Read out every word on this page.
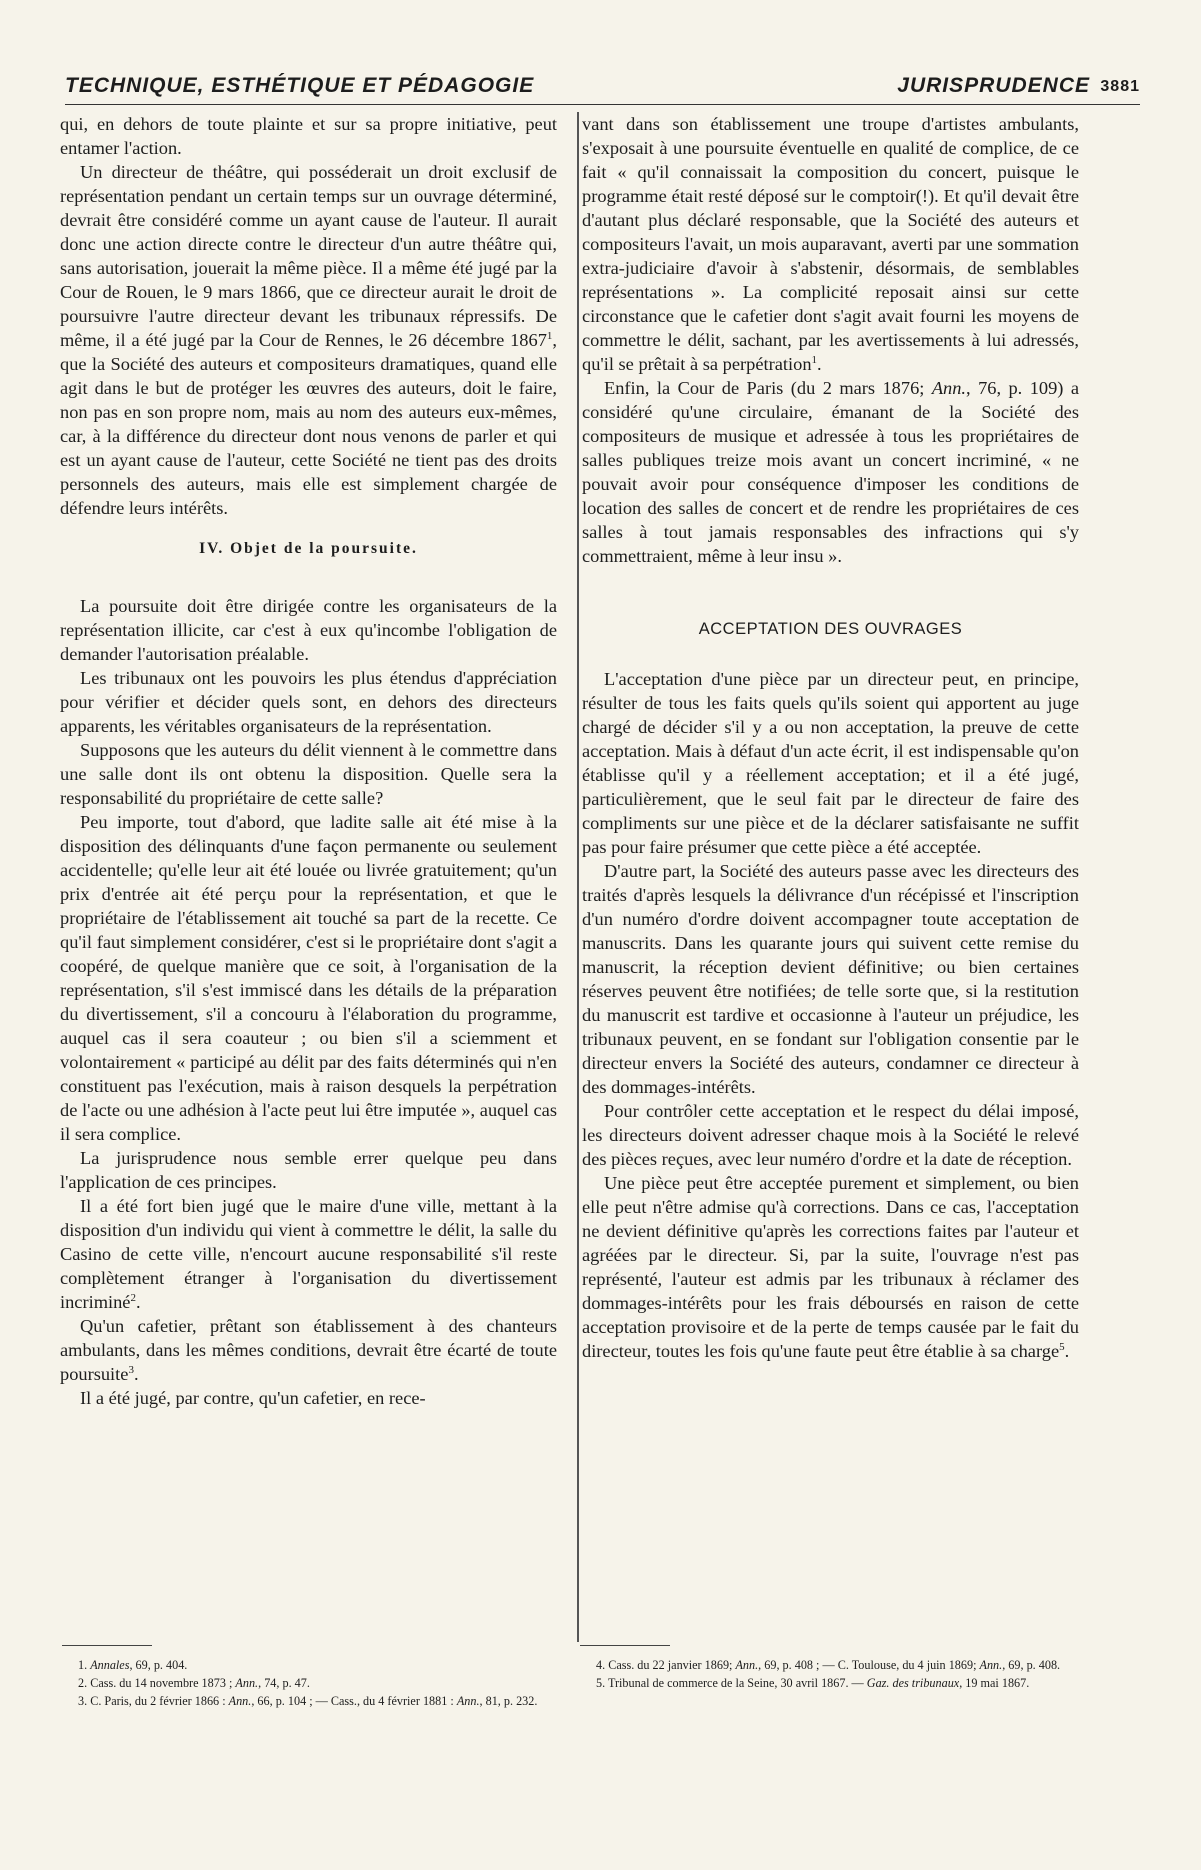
TECHNIQUE, ESTHÉTIQUE ET PÉDAGOGIE	JURISPRUDENCE 3881

qui, en dehors de toute plainte et sur sa propre initiative, peut entamer l'action.

Un directeur de théâtre, qui posséderait un droit exclusif de représentation pendant un certain temps sur un ouvrage déterminé, devrait être considéré comme un ayant cause de l'auteur. Il aurait donc une action directe contre le directeur d'un autre théâtre qui, sans autorisation, jouerait la même pièce. Il a même été jugé par la Cour de Rouen, le 9 mars 1866, que ce directeur aurait le droit de poursuivre l'autre directeur devant les tribunaux répressifs. De même, il a été jugé par la Cour de Rennes, le 26 décembre 1867$^1$, que la Société des auteurs et compositeurs dramatiques, quand elle agit dans le but de protéger les œuvres des auteurs, doit le faire, non pas en son propre nom, mais au nom des auteurs eux-mêmes, car, à la différence du directeur dont nous venons de parler et qui est un ayant cause de l'auteur, cette Société ne tient pas des droits personnels des auteurs, mais elle est simplement chargée de défendre leurs intérêts.

IV. Objet de la poursuite.

La poursuite doit être dirigée contre les organisateurs de la représentation illicite, car c'est à eux qu'incombe l'obligation de demander l'autorisation préalable.

Les tribunaux ont les pouvoirs les plus étendus d'appréciation pour vérifier et décider quels sont, en dehors des directeurs apparents, les véritables organisateurs de la représentation.

Supposons que les auteurs du délit viennent à le commettre dans une salle dont ils ont obtenu la disposition. Quelle sera la responsabilité du propriétaire de cette salle?

Peu importe, tout d'abord, que ladite salle ait été mise à la disposition des délinquants d'une façon permanente ou seulement accidentelle; qu'elle leur ait été louée ou livrée gratuitement; qu'un prix d'entrée ait été perçu pour la représentation, et que le propriétaire de l'établissement ait touché sa part de la recette. Ce qu'il faut simplement considérer, c'est si le propriétaire dont s'agit a coopéré, de quelque manière que ce soit, à l'organisation de la représentation, s'il s'est immiscé dans les détails de la préparation du divertissement, s'il a concouru à l'élaboration du programme, auquel cas il sera coauteur ; ou bien s'il a sciemment et volontairement « participé au délit par des faits déterminés qui n'en constituent pas l'exécution, mais à raison desquels la perpétration de l'acte ou une adhésion à l'acte peut lui être imputée », auquel cas il sera complice.

La jurisprudence nous semble errer quelque peu dans l'application de ces principes.

Il a été fort bien jugé que le maire d'une ville, mettant à la disposition d'un individu qui vient à commettre le délit, la salle du Casino de cette ville, n'encourt aucune responsabilité s'il reste complètement étranger à l'organisation du divertissement incriminé$^2$.

Qu'un cafetier, prêtant son établissement à des chanteurs ambulants, dans les mêmes conditions, devrait être écarté de toute poursuite$^3$.

Il a été jugé, par contre, qu'un cafetier, en rece-

vant dans son établissement une troupe d'artistes ambulants, s'exposait à une poursuite éventuelle en qualité de complice, de ce fait « qu'il connaissait la composition du concert, puisque le programme était resté déposé sur le comptoir(!). Et qu'il devait être d'autant plus déclaré responsable, que la Société des auteurs et compositeurs l'avait, un mois auparavant, averti par une sommation extra-judiciaire d'avoir à s'abstenir, désormais, de semblables représentations ». La complicité reposait ainsi sur cette circonstance que le cafetier dont s'agit avait fourni les moyens de commettre le délit, sachant, par les avertissements à lui adressés, qu'il se prêtait à sa perpétration$^1$.

Enfin, la Cour de Paris (du 2 mars 1876; Ann., 76, p. 109) a considéré qu'une circulaire, émanant de la Société des compositeurs de musique et adressée à tous les propriétaires de salles publiques treize mois avant un concert incriminé, « ne pouvait avoir pour conséquence d'imposer les conditions de location des salles de concert et de rendre les propriétaires de ces salles à tout jamais responsables des infractions qui s'y commettraient, même à leur insu ».

ACCEPTATION DES OUVRAGES

L'acceptation d'une pièce par un directeur peut, en principe, résulter de tous les faits quels qu'ils soient qui apportent au juge chargé de décider s'il y a ou non acceptation, la preuve de cette acceptation. Mais à défaut d'un acte écrit, il est indispensable qu'on établisse qu'il y a réellement acceptation; et il a été jugé, particulièrement, que le seul fait par le directeur de faire des compliments sur une pièce et de la déclarer satisfaisante ne suffit pas pour faire présumer que cette pièce a été acceptée.

D'autre part, la Société des auteurs passe avec les directeurs des traités d'après lesquels la délivrance d'un récépissé et l'inscription d'un numéro d'ordre doivent accompagner toute acceptation de manuscrits. Dans les quarante jours qui suivent cette remise du manuscrit, la réception devient définitive; ou bien certaines réserves peuvent être notifiées; de telle sorte que, si la restitution du manuscrit est tardive et occasionne à l'auteur un préjudice, les tribunaux peuvent, en se fondant sur l'obligation consentie par le directeur envers la Société des auteurs, condamner ce directeur à des dommages-intérêts.

Pour contrôler cette acceptation et le respect du délai imposé, les directeurs doivent adresser chaque mois à la Société le relevé des pièces reçues, avec leur numéro d'ordre et la date de réception.

Une pièce peut être acceptée purement et simplement, ou bien elle peut n'être admise qu'à corrections. Dans ce cas, l'acceptation ne devient définitive qu'après les corrections faites par l'auteur et agréées par le directeur. Si, par la suite, l'ouvrage n'est pas représenté, l'auteur est admis par les tribunaux à réclamer des dommages-intérêts pour les frais déboursés en raison de cette acceptation provisoire et de la perte de temps causée par le fait du directeur, toutes les fois qu'une faute peut être établie à sa charge$^5$.

1. Annales, 69, p. 404.
2. Cass. du 14 novembre 1873 ; Ann., 74, p. 47.
3. C. Paris, du 2 février 1866 : Ann., 66, p. 104 ; — Cass., du 4 février 1881 : Ann., 81, p. 232.
4. Cass. du 22 janvier 1869; Ann., 69, p. 408 ; — C. Toulouse, du 4 juin 1869; Ann., 69, p. 408.
5. Tribunal de commerce de la Seine, 30 avril 1867. — Gaz. des tribunaux, 19 mai 1867.
